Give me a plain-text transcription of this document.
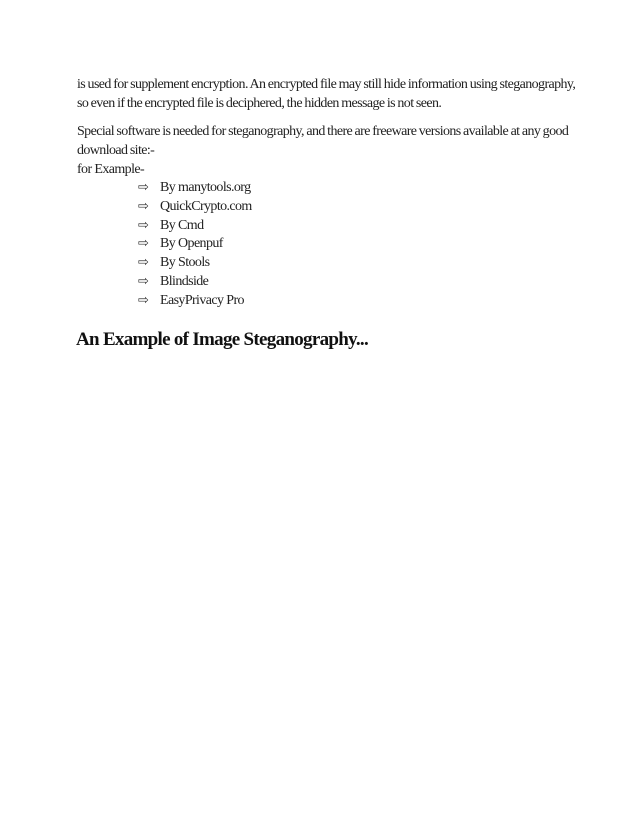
is used for supplement encryption. An encrypted file may still hide information using steganography, so even if the encrypted file is deciphered, the hidden message is not seen.
Special software is needed for steganography, and there are freeware versions available at any good download site:-
for Example-
⇨ By manytools.org
⇨ QuickCrypto.com
⇨ By Cmd
⇨ By Openpuf
⇨ By Stools
⇨ Blindside
⇨ EasyPrivacy Pro
An Example of Image Steganography...
